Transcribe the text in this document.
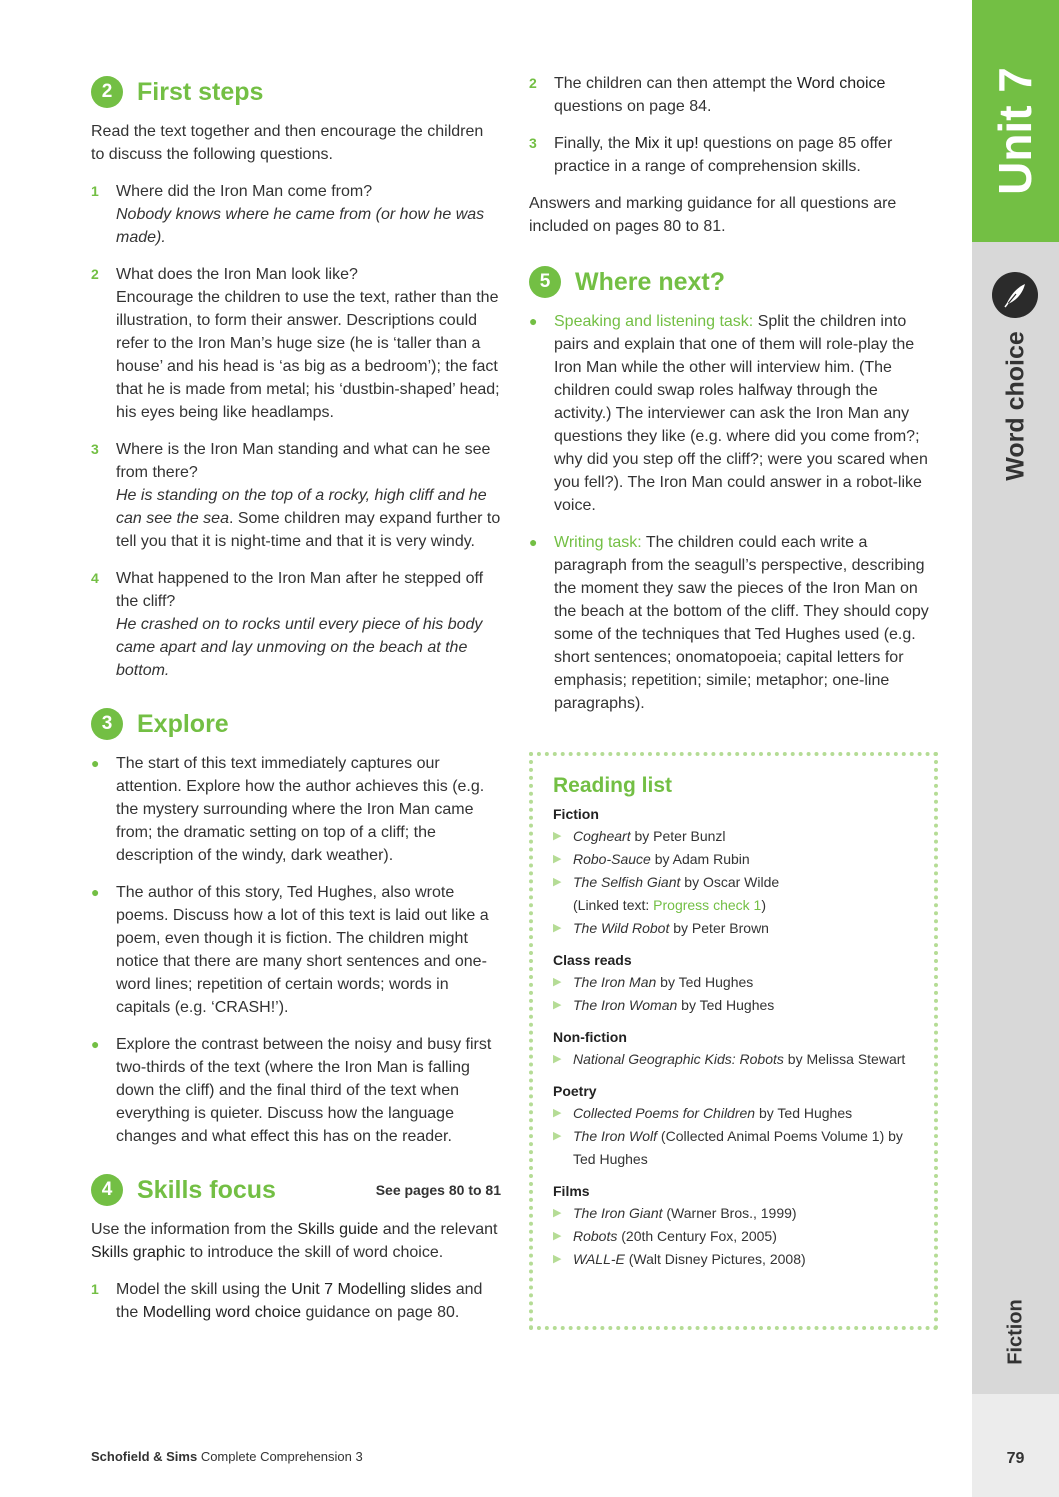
Unit 7
Word choice
Fiction
79
2 First steps

Read the text together and then encourage the children to discuss the following questions.

1	Where did the Iron Man come from?
Nobody knows where he came from (or how he was made).
2	What does the Iron Man look like?
Encourage the children to use the text, rather than the illustration, to form their answer. Descriptions could refer to the Iron Man’s huge size (he is ‘taller than a house’ and his head is ‘as big as a bedroom’); the fact that he is made from metal; his ‘dustbin-shaped’ head; his eyes being like headlamps.
3	Where is the Iron Man standing and what can he see from there?
He is standing on the top of a rocky, high cliff and he can see the sea. Some children may expand further to tell you that it is night-time and that it is very windy.
4	What happened to the Iron Man after he stepped off the cliff?
He crashed on to rocks until every piece of his body came apart and lay unmoving on the beach at the bottom.
3 Explore
●	The start of this text immediately captures our attention. Explore how the author achieves this (e.g. the mystery surrounding where the Iron Man came from; the dramatic setting on top of a cliff; the description of the windy, dark weather).
●	The author of this story, Ted Hughes, also wrote poems. Discuss how a lot of this text is laid out like a poem, even though it is fiction. The children might notice that there are many short sentences and one-word lines; repetition of certain words; words in capitals (e.g. ‘CRASH!’).
●	Explore the contrast between the noisy and busy first two-thirds of the text (where the Iron Man is falling down the cliff) and the final third of the text when everything is quieter. Discuss how the language changes and what effect this has on the reader.
4 Skills focus	See pages 80 to 81

Use the information from the Skills guide and the relevant Skills graphic to introduce the skill of word choice.

1	Model the skill using the Unit 7 Modelling slides and the Modelling word choice guidance on page 80.
2	The children can then attempt the Word choice questions on page 84.
3	Finally, the Mix it up! questions on page 85 offer practice in a range of comprehension skills.

Answers and marking guidance for all questions are included on pages 80 to 81.

5 Where next?
●	Speaking and listening task: Split the children into pairs and explain that one of them will role-play the Iron Man while the other will interview him. (The children could swap roles halfway through the activity.) The interviewer can ask the Iron Man any questions they like (e.g. where did you come from?; why did you step off the cliff?; were you scared when you fell?). The Iron Man could answer in a robot-like voice.
●	Writing task: The children could each write a paragraph from the seagull’s perspective, describing the moment they saw the pieces of the Iron Man on the beach at the bottom of the cliff. They should copy some of the techniques that Ted Hughes used (e.g. short sentences; onomatopoeia; capital letters for emphasis; repetition; simile; metaphor; one-line paragraphs).
Reading list
Fiction
▶ Cogheart by Peter Bunzl
▶ Robo-Sauce by Adam Rubin
▶ The Selfish Giant by Oscar Wilde
(Linked text: Progress check 1)
▶ The Wild Robot by Peter Brown
Class reads
▶ The Iron Man by Ted Hughes
▶ The Iron Woman by Ted Hughes
Non-fiction
▶ National Geographic Kids: Robots by Melissa Stewart
Poetry
▶ Collected Poems for Children by Ted Hughes
▶ The Iron Wolf (Collected Animal Poems Volume 1) by Ted Hughes
Films
▶ The Iron Giant (Warner Bros., 1999)
▶ Robots (20th Century Fox, 2005)
▶ WALL-E (Walt Disney Pictures, 2008)
Schofield & Sims Complete Comprehension 3
